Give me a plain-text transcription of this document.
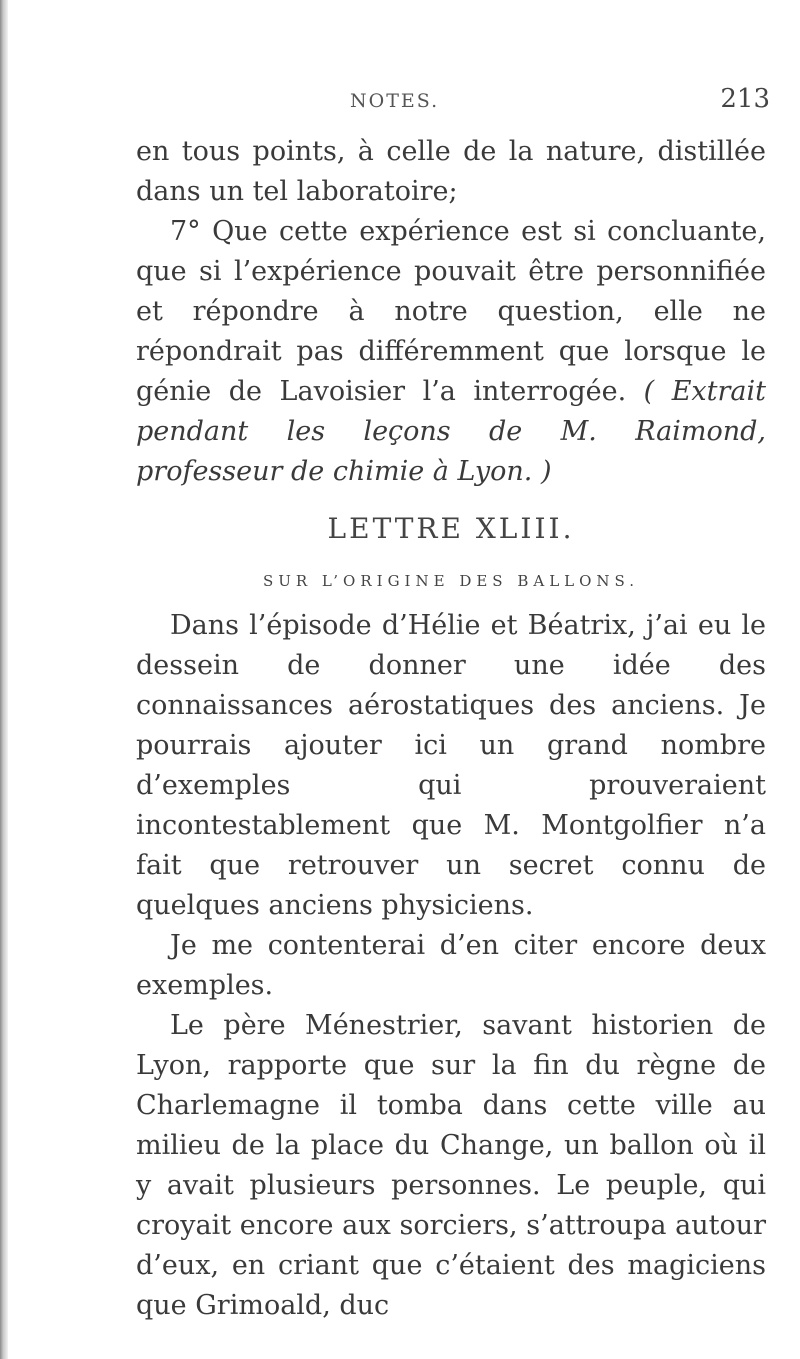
NOTES.	213

en tous points, à celle de la nature, distillée dans un tel laboratoire;

7° Que cette expérience est si concluante, que si l’expérience pouvait être personnifiée et répondre à notre question, elle ne répondrait pas différemment que lorsque le génie de Lavoisier l’a interrogée. ( Extrait pendant les leçons de M. Raimond, professeur de chimie à Lyon. )

LETTRE XLIII.
SUR L’ORIGINE DES BALLONS.

Dans l’épisode d’Hélie et Béatrix, j’ai eu le dessein de donner une idée des connaissances aérostatiques des anciens. Je pourrais ajouter ici un grand nombre d’exemples qui prouveraient incontestablement que M. Montgolfier n’a fait que retrouver un secret connu de quelques anciens physiciens.

Je me contenterai d’en citer encore deux exemples.

Le père Ménestrier, savant historien de Lyon, rapporte que sur la fin du règne de Charlemagne il tomba dans cette ville au milieu de la place du Change, un ballon où il y avait plusieurs personnes. Le peuple, qui croyait encore aux sorciers, s’attroupa autour d’eux, en criant que c’étaient des magiciens que Grimoald, duc
